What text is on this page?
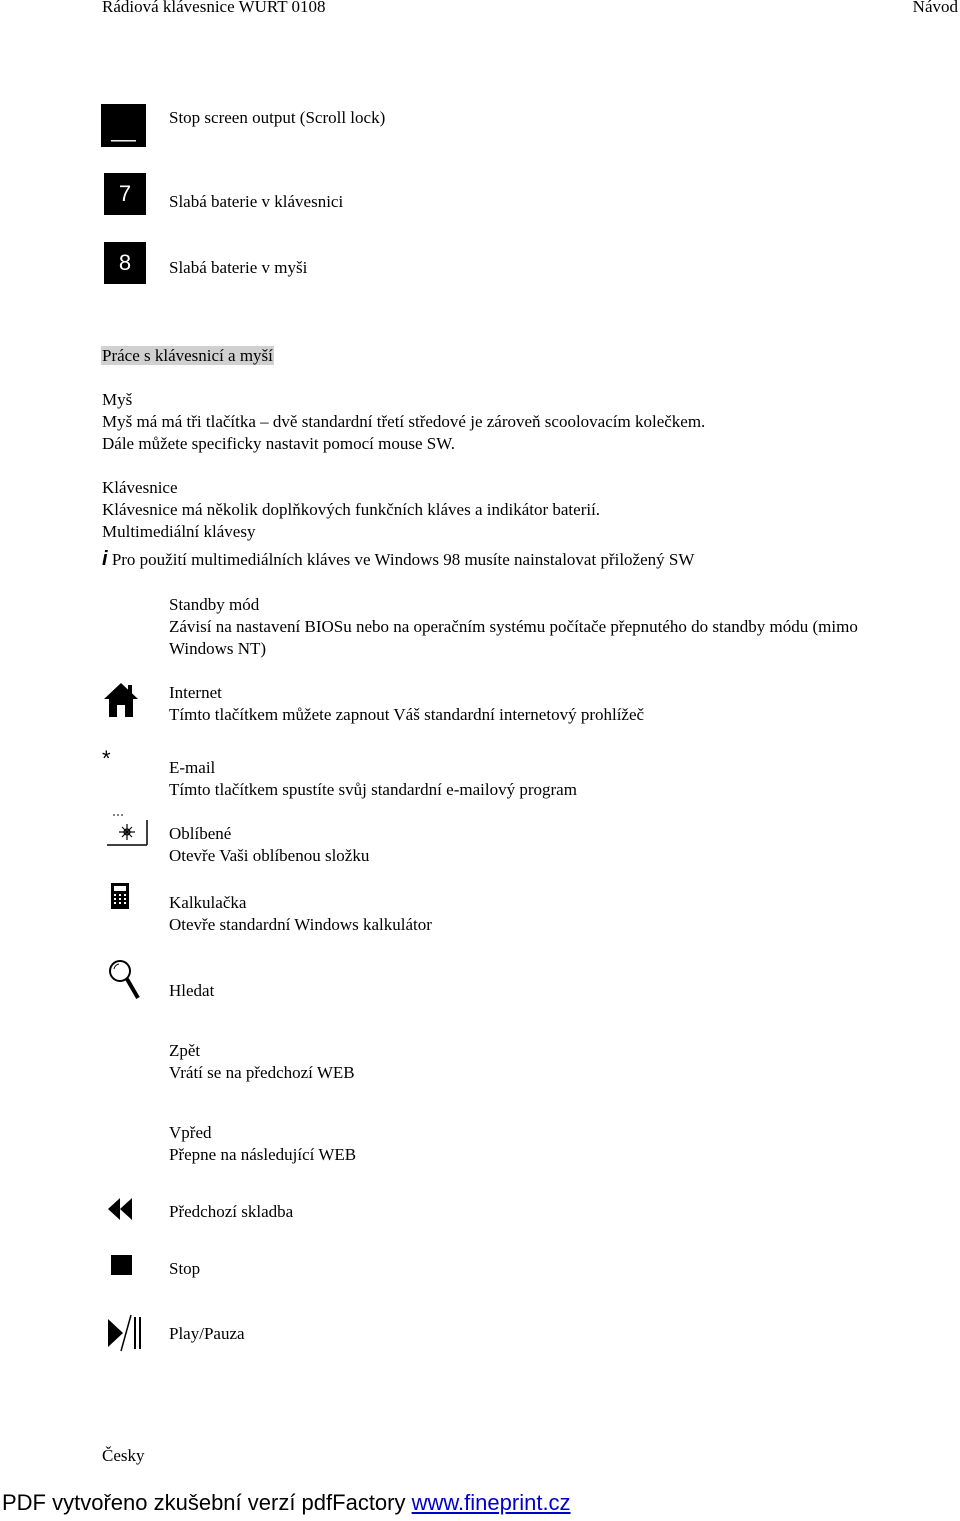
Rádiová klávesnice WURT 0108	Návod
__ Stop screen output (Scroll lock)
7 Slabá baterie v klávesnici
8 Slabá baterie v myši
Práce s klávesnicí a myší
Myš
Myš má má tři tlačítka – dvě standardní třetí středové je zároveň scoolovacím kolečkem.
Dále můžete specificky nastavit pomocí mouse SW.
Klávesnice
Klávesnice má několik doplňkových funkčních kláves a indikátor baterií.
Multimediální klávesy
i Pro použití multimediálních kláves ve Windows 98 musíte nainstalovat přiložený SW
Standby mód
Závisí na nastavení BIOSu nebo na operačním systému počítače přepnutého do standby módu (mimo
Windows NT)
Internet
Tímto tlačítkem můžete zapnout Váš standardní internetový prohlížeč
*	E-mail
Tímto tlačítkem spustíte svůj standardní e-mailový program
Oblíbené
Otevře Vaši oblíbenou složku
Kalkulačka
Otevře standardní Windows kalkulátor
Hledat
Zpět
Vrátí se na předchozí WEB
Vpřed
Přepne na následující WEB
Předchozí skladba
Stop
Play/Pauza
Česky
PDF vytvořeno zkušební verzí pdfFactory www.fineprint.cz
